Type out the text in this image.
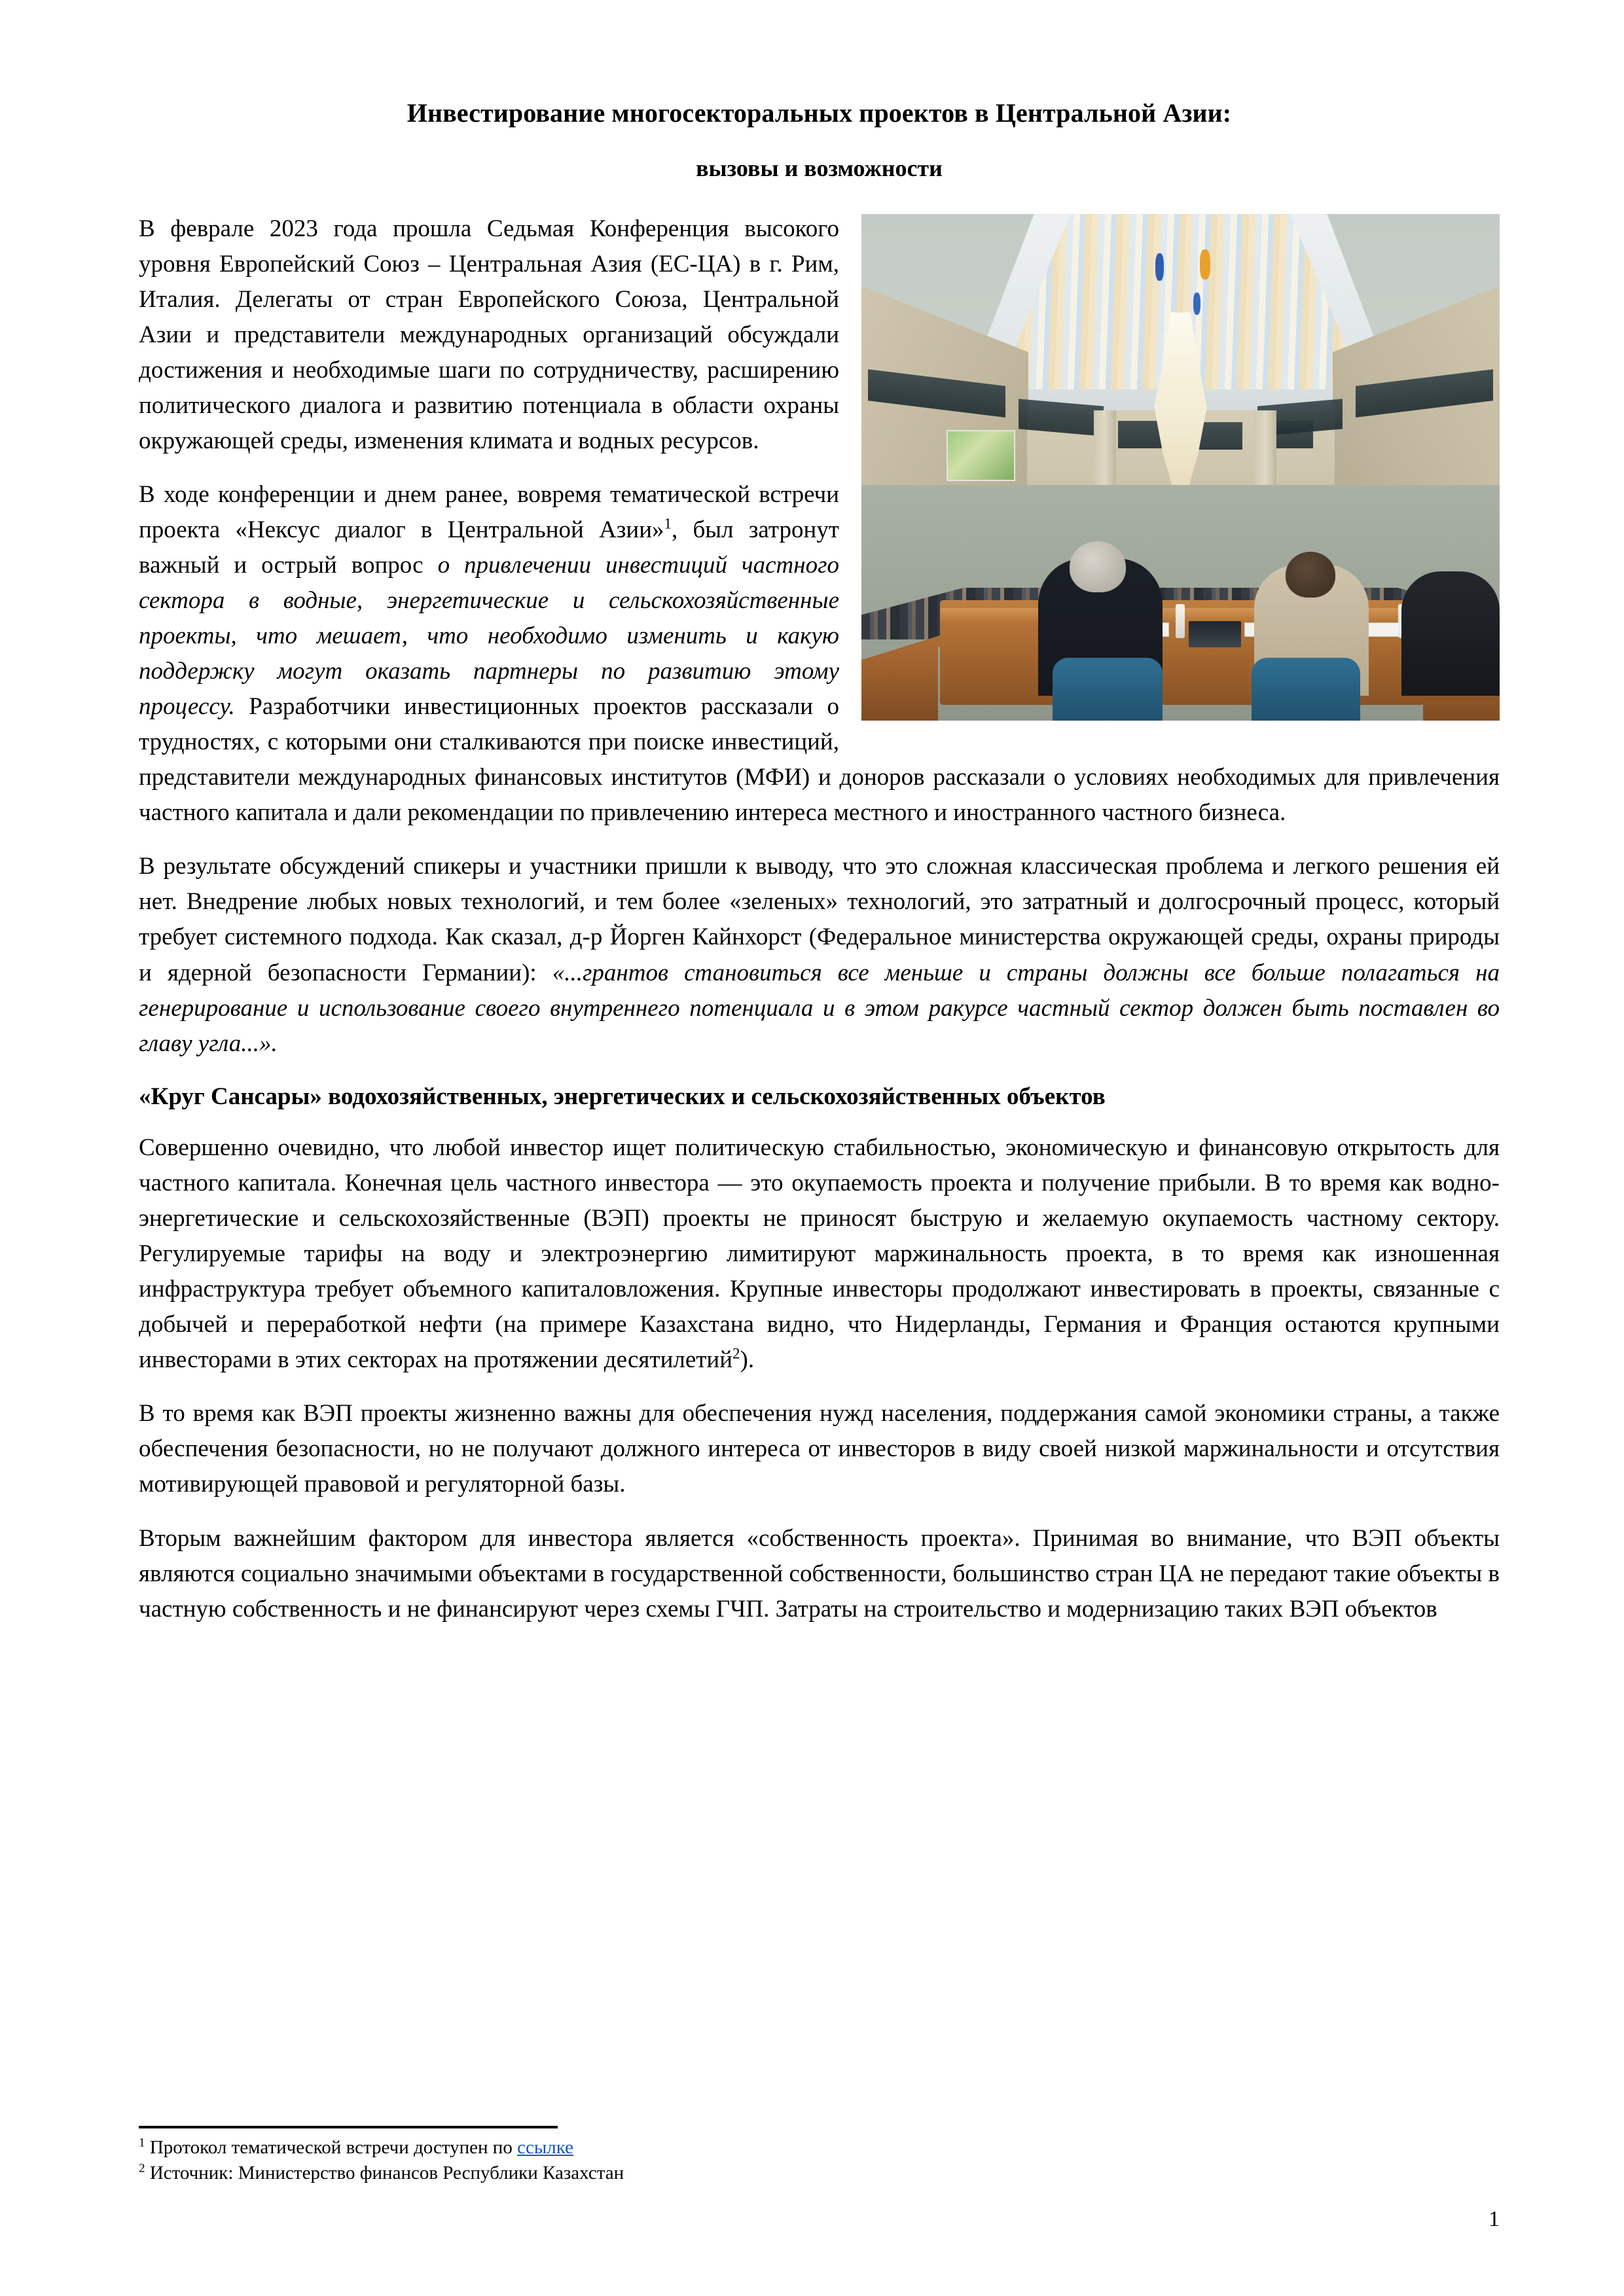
Инвестирование многосекторальных проектов в Центральной Азии:
вызовы и возможности

В феврале 2023 года прошла Седьмая Конференция высокого уровня Европейский Союз – Центральная Азия (ЕС-ЦА) в г. Рим, Италия. Делегаты от стран Европейского Союза, Центральной Азии и представители международных организаций обсуждали достижения и необходимые шаги по сотрудничеству, расширению политического диалога и развитию потенциала в области охраны окружающей среды, изменения климата и водных ресурсов.

В ходе конференции и днем ранее, вовремя тематической встречи проекта «Нексус диалог в Центральной Азии»$^1$, был затронут важный и острый вопрос о привлечении инвестиций частного сектора в водные, энергетические и сельскохозяйственные проекты, что мешает, что необходимо изменить и какую поддержку могут оказать партнеры по развитию этому процессу. Разработчики инвестиционных проектов рассказали о трудностях, с которыми они сталкиваются при поиске инвестиций, представители международных финансовых институтов (МФИ) и доноров рассказали о условиях необходимых для привлечения частного капитала и дали рекомендации по привлечению интереса местного и иностранного частного бизнеса.

В результате обсуждений спикеры и участники пришли к выводу, что это сложная классическая проблема и легкого решения ей нет. Внедрение любых новых технологий, и тем более «зеленых» технологий, это затратный и долгосрочный процесс, который требует системного подхода. Как сказал, д-р Йорген Кайнхорст (Федеральное министерства окружающей среды, охраны природы и ядерной безопасности Германии): «...грантов становиться все меньше и страны должны все больше полагаться на генерирование и использование своего внутреннего потенциала и в этом ракурсе частный сектор должен быть поставлен во главу угла...».

«Круг Сансары» водохозяйственных, энергетических и сельскохозяйственных объектов

Совершенно очевидно, что любой инвестор ищет политическую стабильностью, экономическую и финансовую открытость для частного капитала. Конечная цель частного инвестора — это окупаемость проекта и получение прибыли. В то время как водно-энергетические и сельскохозяйственные (ВЭП) проекты не приносят быструю и желаемую окупаемость частному сектору. Регулируемые тарифы на воду и электроэнергию лимитируют маржинальность проекта, в то время как изношенная инфраструктура требует объемного капиталовложения. Крупные инвесторы продолжают инвестировать в проекты, связанные с добычей и переработкой нефти (на примере Казахстана видно, что Нидерланды, Германия и Франция остаются крупными инвесторами в этих секторах на протяжении десятилетий$^2$).

В то время как ВЭП проекты жизненно важны для обеспечения нужд населения, поддержания самой экономики страны, а также обеспечения безопасности, но не получают должного интереса от инвесторов в виду своей низкой маржинальности и отсутствия мотивирующей правовой и регуляторной базы.

Вторым важнейшим фактором для инвестора является «собственность проекта». Принимая во внимание, что ВЭП объекты являются социально значимыми объектами в государственной собственности, большинство стран ЦА не передают такие объекты в частную собственность и не финансируют через схемы ГЧП. Затраты на строительство и модернизацию таких ВЭП объектов

$^1$ Протокол тематической встречи доступен по ссылке

$^2$ Источник: Министерство финансов Республики Казахстан

1
